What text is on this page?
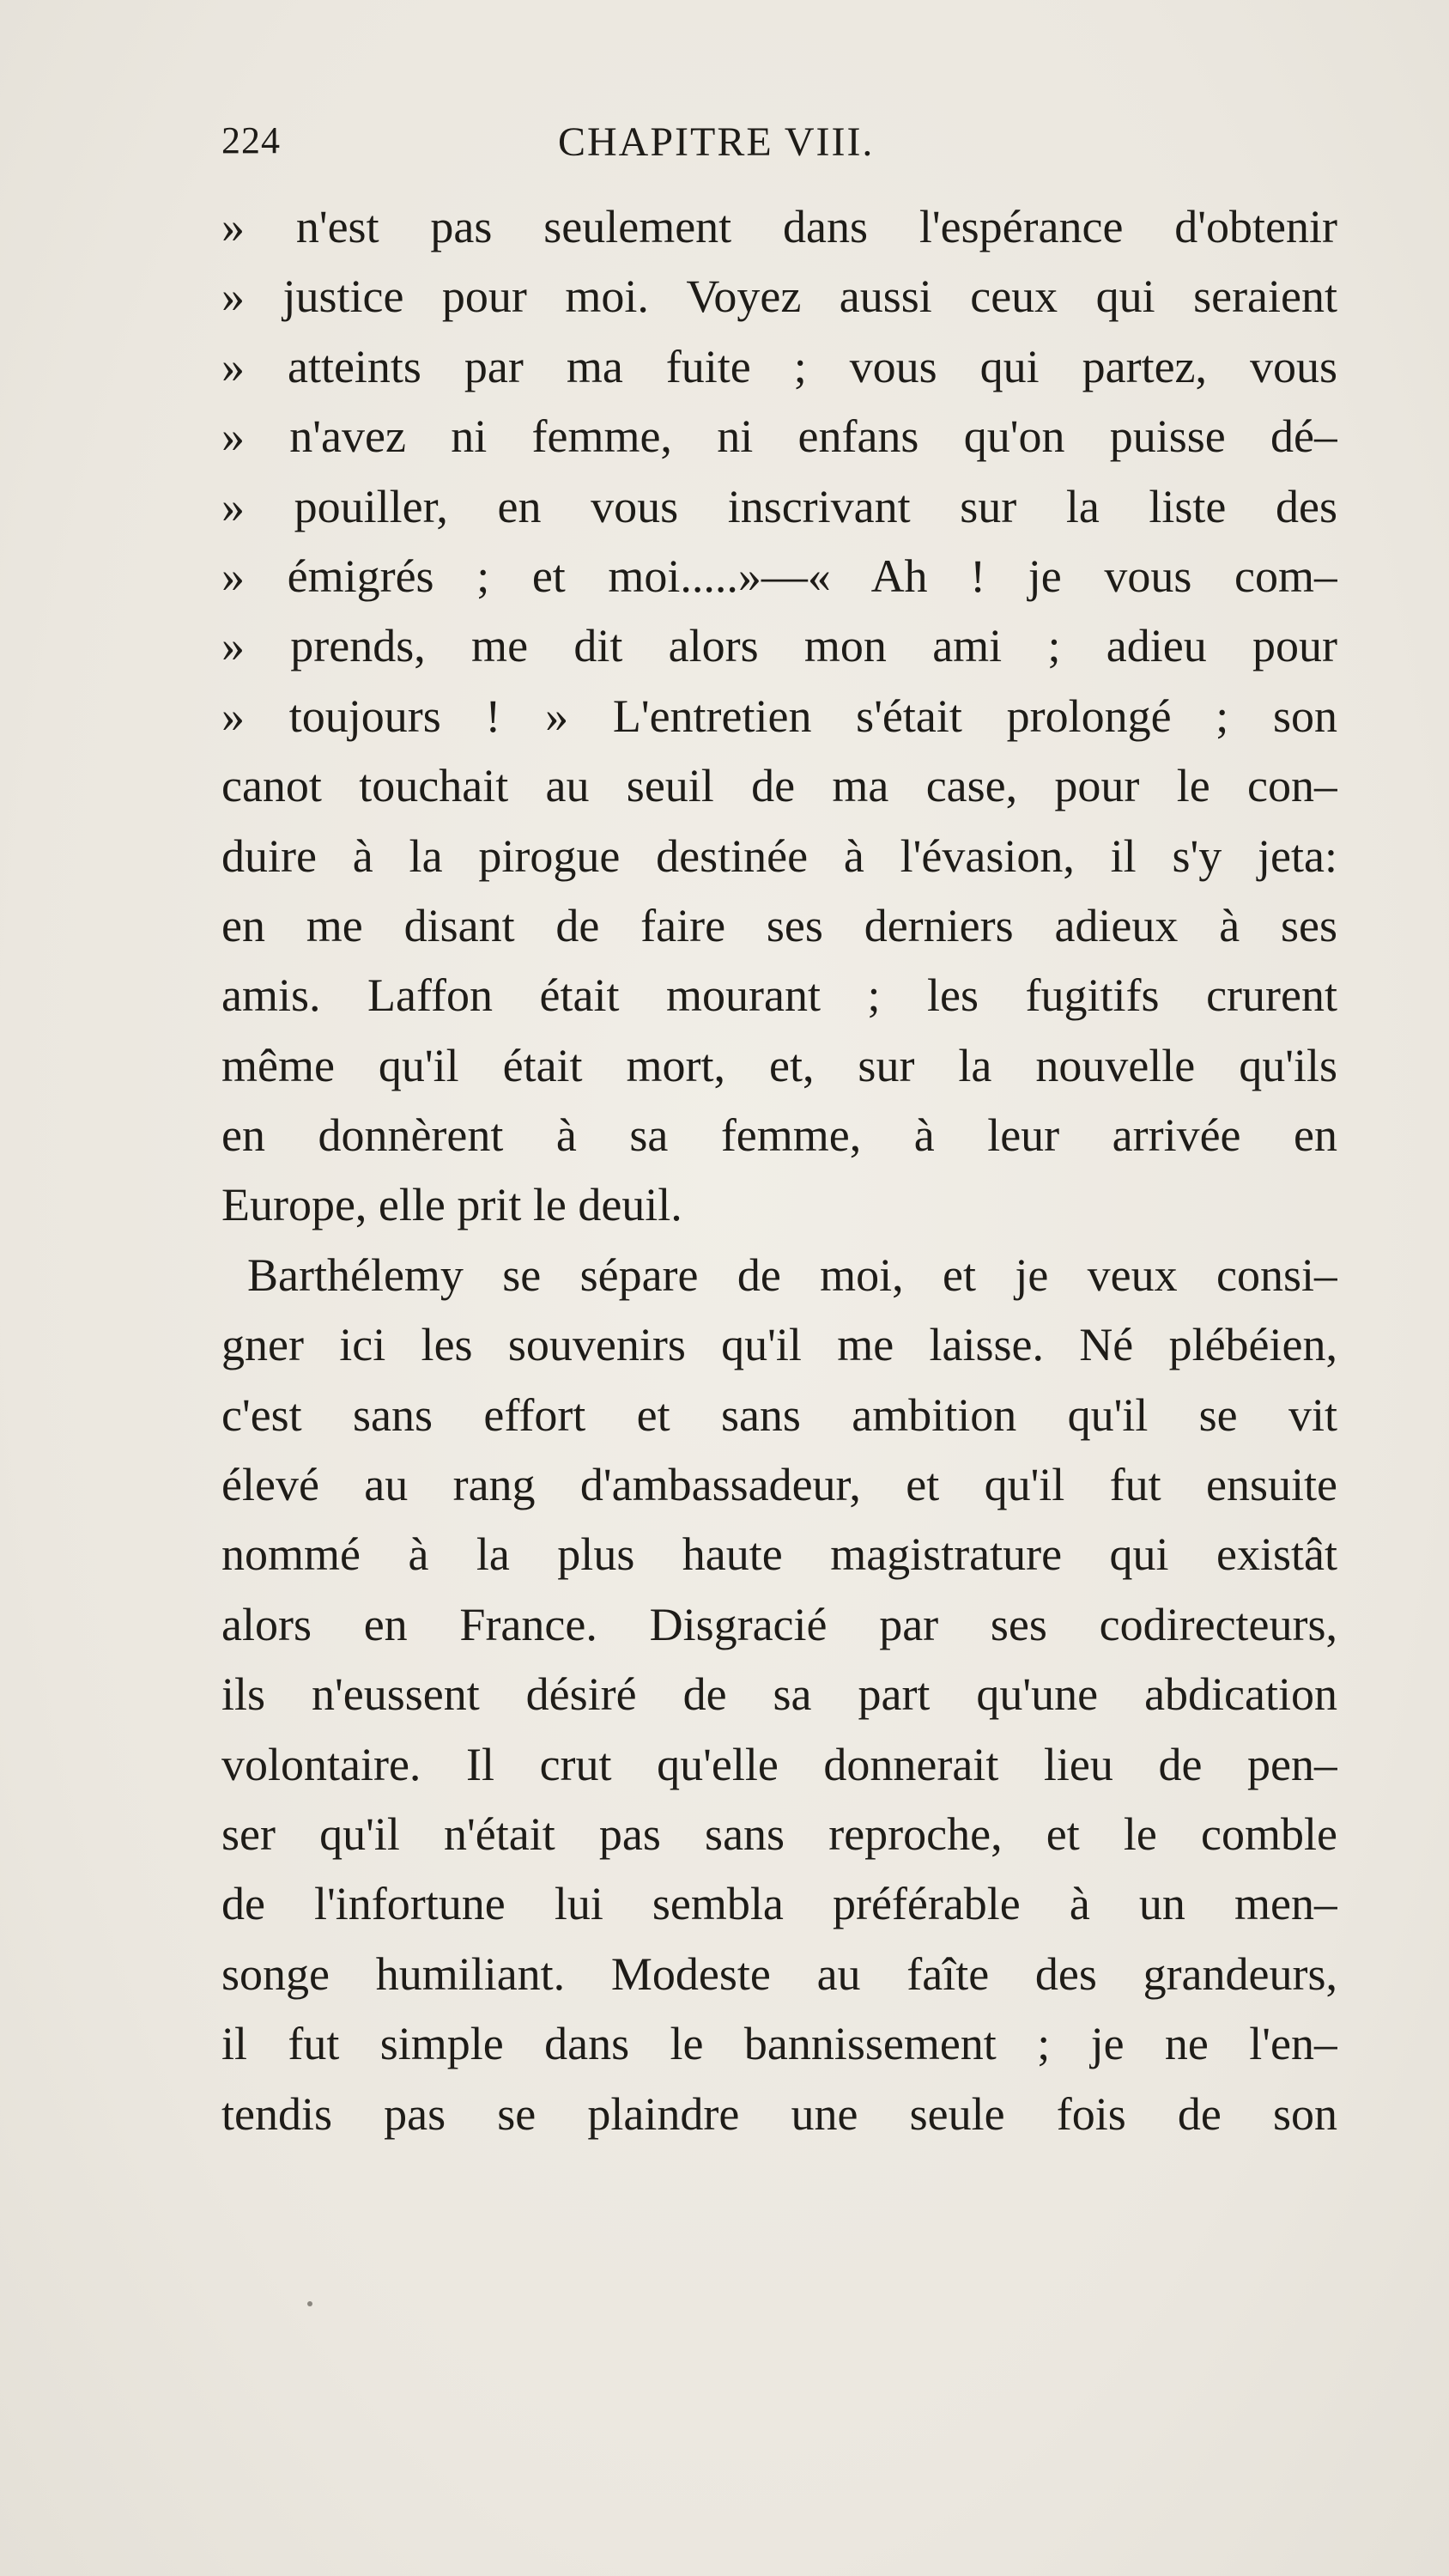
224	CHAPITRE VIII.
» n'est pas seulement dans l'espérance d'obtenir
» justice pour moi. Voyez aussi ceux qui seraient
» atteints par ma fuite ; vous qui partez, vous
» n'avez ni femme, ni enfans qu'on puisse dé–
» pouiller, en vous inscrivant sur la liste des
» émigrés ; et moi.....»—« Ah ! je vous com–
» prends, me dit alors mon ami ; adieu pour
» toujours ! » L'entretien s'était prolongé ; son
canot touchait au seuil de ma case, pour le con–
duire à la pirogue destinée à l'évasion, il s'y jeta:
en me disant de faire ses derniers adieux à ses
amis. Laffon était mourant ; les fugitifs crurent
même qu'il était mort, et, sur la nouvelle qu'ils
en donnèrent à sa femme, à leur arrivée en
Europe, elle prit le deuil.
Barthélemy se sépare de moi, et je veux consi–
gner ici les souvenirs qu'il me laisse. Né plébéien,
c'est sans effort et sans ambition qu'il se vit
élevé au rang d'ambassadeur, et qu'il fut ensuite
nommé à la plus haute magistrature qui existât
alors en France. Disgracié par ses codirecteurs,
ils n'eussent désiré de sa part qu'une abdication
volontaire. Il crut qu'elle donnerait lieu de pen–
ser qu'il n'était pas sans reproche, et le comble
de l'infortune lui sembla préférable à un men–
songe humiliant. Modeste au faîte des grandeurs,
il fut simple dans le bannissement ; je ne l'en–
tendis pas se plaindre une seule fois de son
